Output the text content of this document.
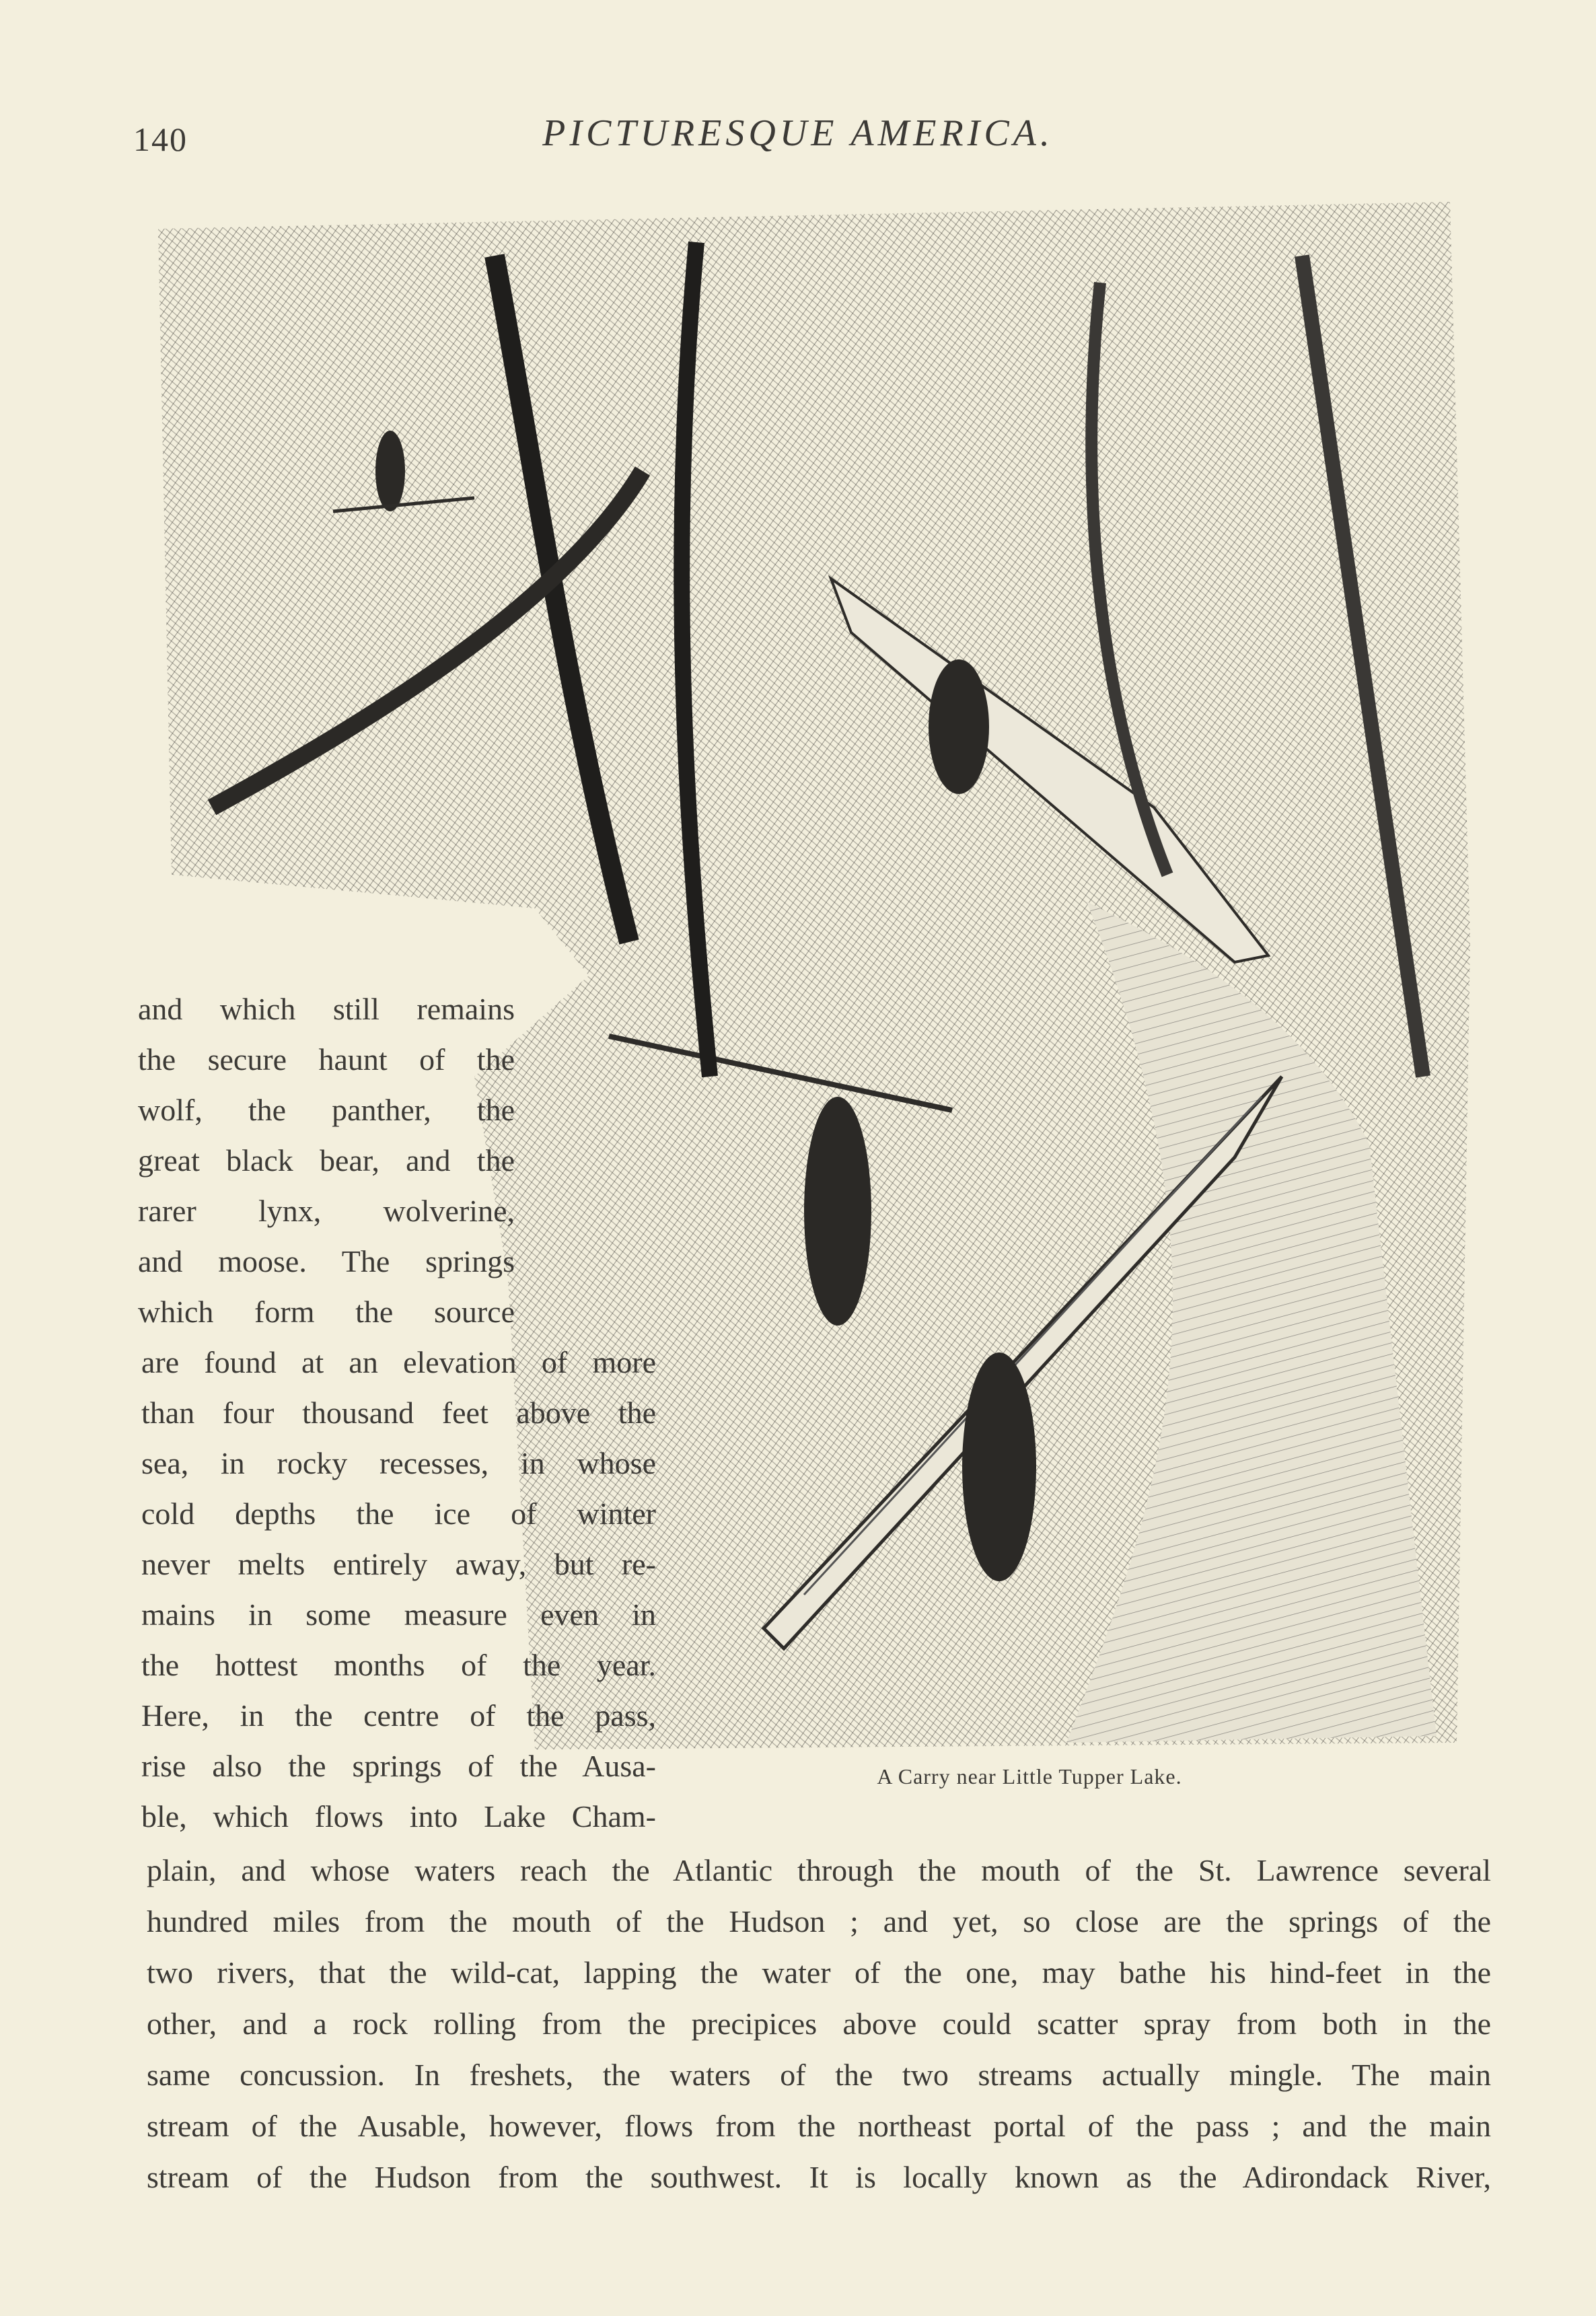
140	PICTURESQUE AMERICA.
A Carry near Little Tupper Lake.
and which still remains
the secure haunt of the
wolf, the panther, the
great black bear, and the
rarer lynx, wolverine,
and moose. The springs
which form the source
are found at an elevation of more
than four thousand feet above the
sea, in rocky recesses, in whose
cold depths the ice of winter
never melts entirely away, but re-
mains in some measure even in
the hottest months of the year.
Here, in the centre of the pass,
rise also the springs of the Ausa-
ble, which flows into Lake Cham-
plain, and whose waters reach the Atlantic through the mouth of the St. Lawrence several
hundred miles from the mouth of the Hudson ; and yet, so close are the springs of the
two rivers, that the wild-cat, lapping the water of the one, may bathe his hind-feet in the
other, and a rock rolling from the precipices above could scatter spray from both in the
same concussion. In freshets, the waters of the two streams actually mingle. The main
stream of the Ausable, however, flows from the northeast portal of the pass ; and the main
stream of the Hudson from the southwest. It is locally known as the Adirondack River,
